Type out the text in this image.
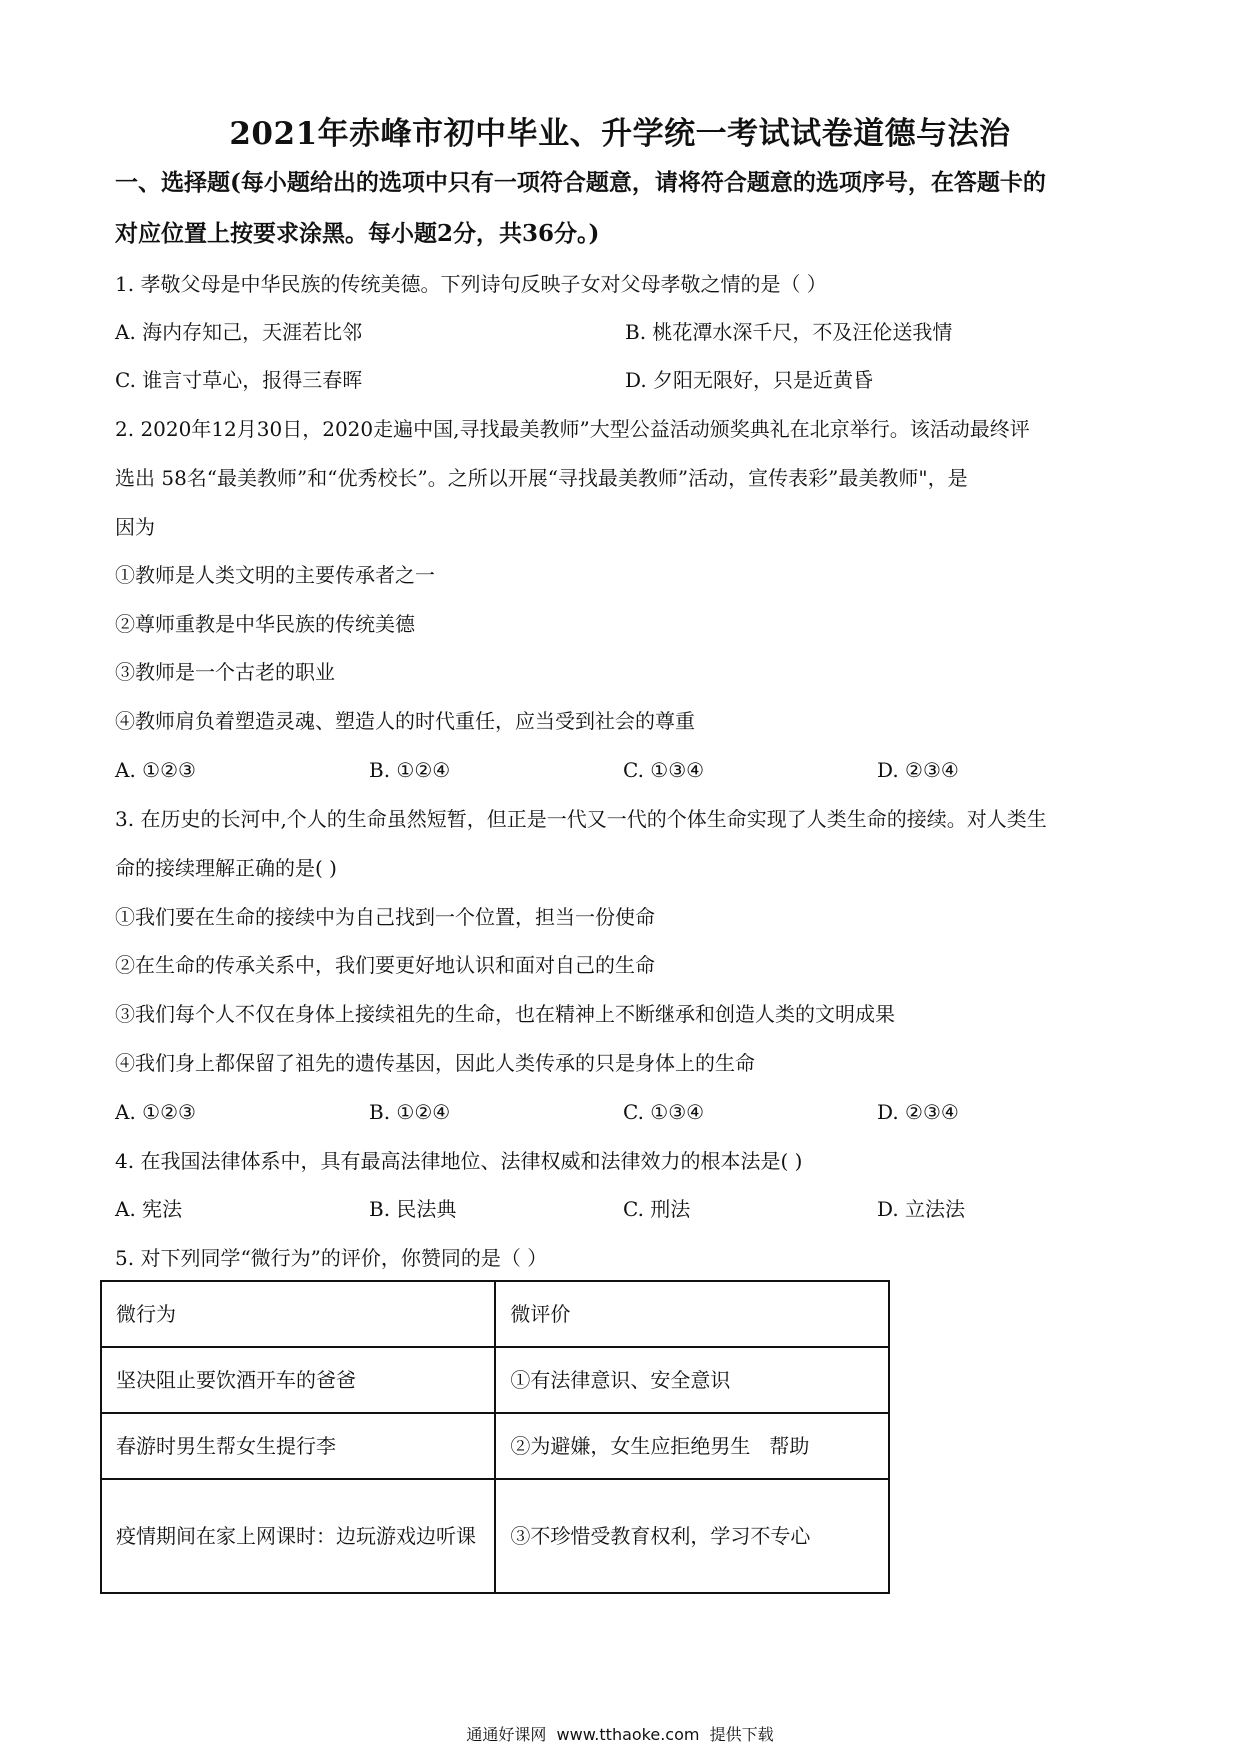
2021年赤峰市初中毕业、升学统一考试试卷道德与法治
一、选择题(每小题给出的选项中只有一项符合题意，请将符合题意的选项序号，在答题卡的
对应位置上按要求涂黑。每小题2分，共36分。)
1. 孝敬父母是中华民族的传统美德。下列诗句反映子女对父母孝敬之情的是（ ）
A. 海内存知己，天涯若比邻	B. 桃花潭水深千尺，不及汪伦送我情
C. 谁言寸草心，报得三春晖	D. 夕阳无限好，只是近黄昏
2. 2020年12月30日，2020走遍中国,寻找最美教师”大型公益活动颁奖典礼在北京举行。该活动最终评
选出 58名“最美教师”和“优秀校长”。之所以开展“寻找最美教师”活动，宣传表彩”最美教师"，是
因为
①教师是人类文明的主要传承者之一
②尊师重教是中华民族的传统美德
③教师是一个古老的职业
④教师肩负着塑造灵魂、塑造人的时代重任，应当受到社会的尊重
A. ①②③	B. ①②④	C. ①③④	D. ②③④
3. 在历史的长河中,个人的生命虽然短暂，但正是一代又一代的个体生命实现了人类生命的接续。对人类生
命的接续理解正确的是( )
①我们要在生命的接续中为自己找到一个位置，担当一份使命
②在生命的传承关系中，我们要更好地认识和面对自己的生命
③我们每个人不仅在身体上接续祖先的生命，也在精神上不断继承和创造人类的文明成果
④我们身上都保留了祖先的遗传基因，因此人类传承的只是身体上的生命
A. ①②③	B. ①②④	C. ①③④	D. ②③④
4. 在我国法律体系中，具有最高法律地位、法律权威和法律效力的根本法是( )
A. 宪法	B. 民法典	C. 刑法	D. 立法法
5. 对下列同学“微行为”的评价，你赞同的是（ ）
微行为	微评价
坚决阻止要饮酒开车的爸爸	①有法律意识、安全意识
春游时男生帮女生提行李	②为避嫌，女生应拒绝男生   帮助
疫情期间在家上网课时：边玩游戏边听课	③不珍惜受教育权利，学习不专心
通通好课网  www.tthaoke.com  提供下载
